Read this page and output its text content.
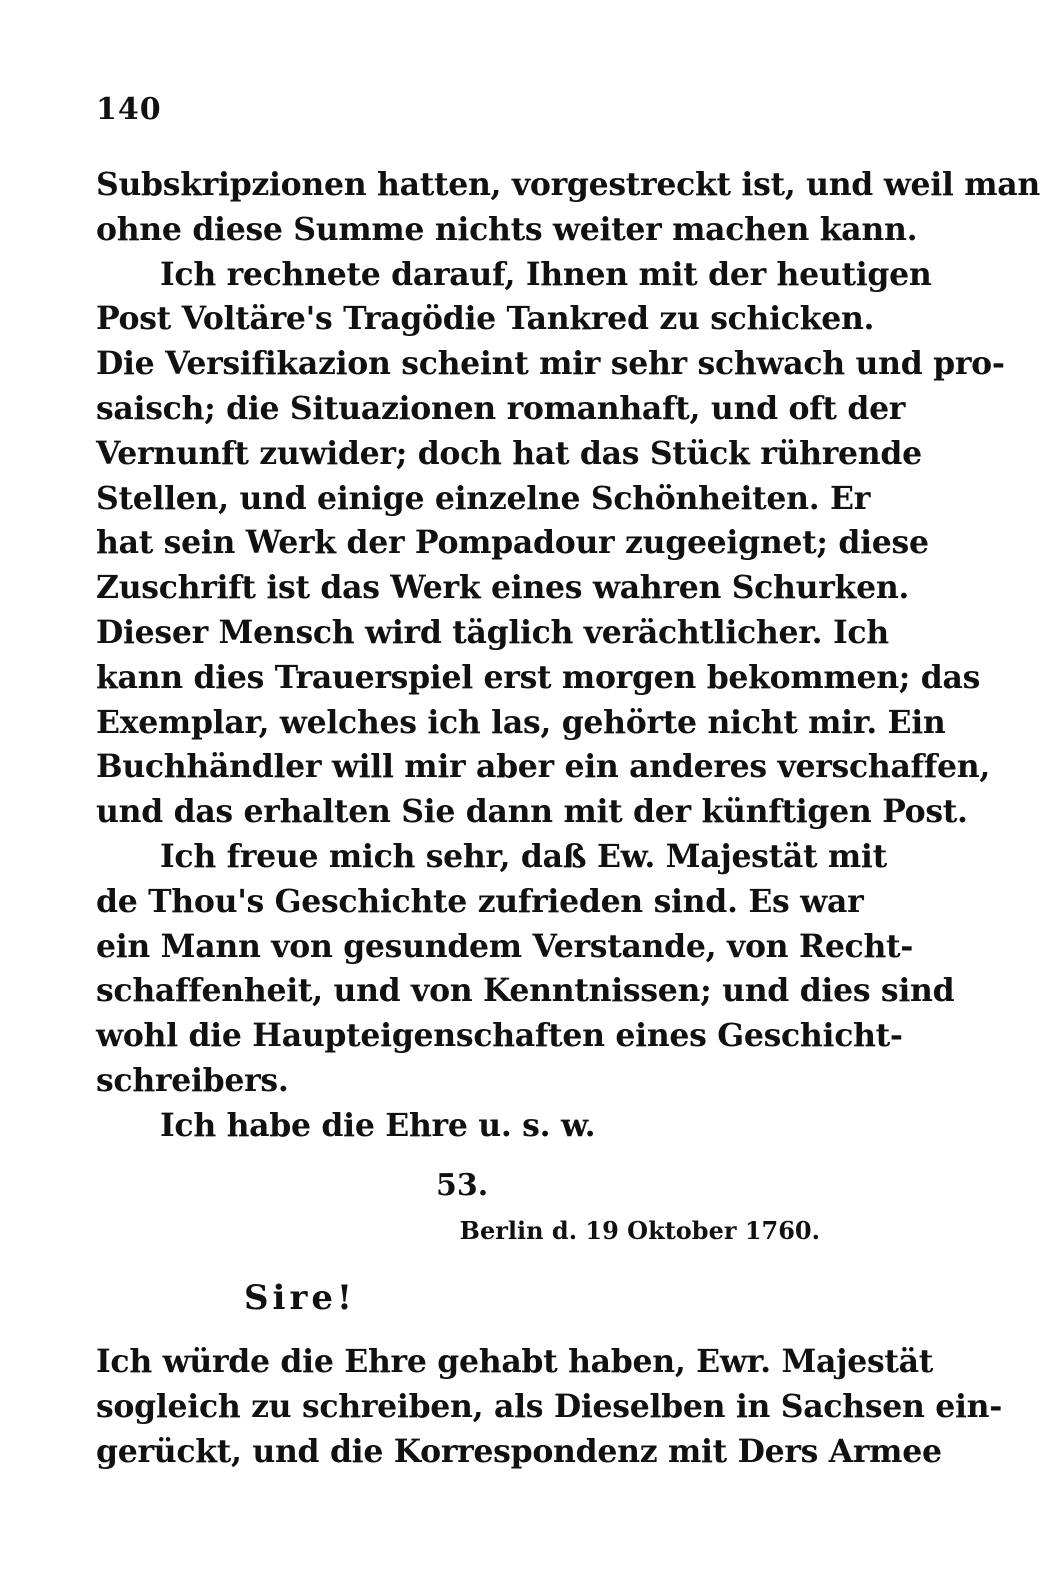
140
Subskripzionen hatten, vorgestreckt ist, und weil man
ohne diese Summe nichts weiter machen kann.
Ich rechnete darauf, Ihnen mit der heutigen
Post Voltäre's Tragödie Tankred zu schicken.
Die Versifikazion scheint mir sehr schwach und pro-
saisch; die Situazionen romanhaft, und oft der
Vernunft zuwider; doch hat das Stück rührende
Stellen, und einige einzelne Schönheiten. Er
hat sein Werk der Pompadour zugeeignet; diese
Zuschrift ist das Werk eines wahren Schurken.
Dieser Mensch wird täglich verächtlicher. Ich
kann dies Trauerspiel erst morgen bekommen; das
Exemplar, welches ich las, gehörte nicht mir. Ein
Buchhändler will mir aber ein anderes verschaffen,
und das erhalten Sie dann mit der künftigen Post.
Ich freue mich sehr, daß Ew. Majestät mit
de Thou's Geschichte zufrieden sind. Es war
ein Mann von gesundem Verstande, von Recht-
schaffenheit, und von Kenntnissen; und dies sind
wohl die Haupteigenschaften eines Geschicht-
schreibers.
Ich habe die Ehre u. s. w.
53.
Berlin d. 19 Oktober 1760.
Sire!
Ich würde die Ehre gehabt haben, Ewr. Majestät
sogleich zu schreiben, als Dieselben in Sachsen ein-
gerückt, und die Korrespondenz mit Ders Armee
